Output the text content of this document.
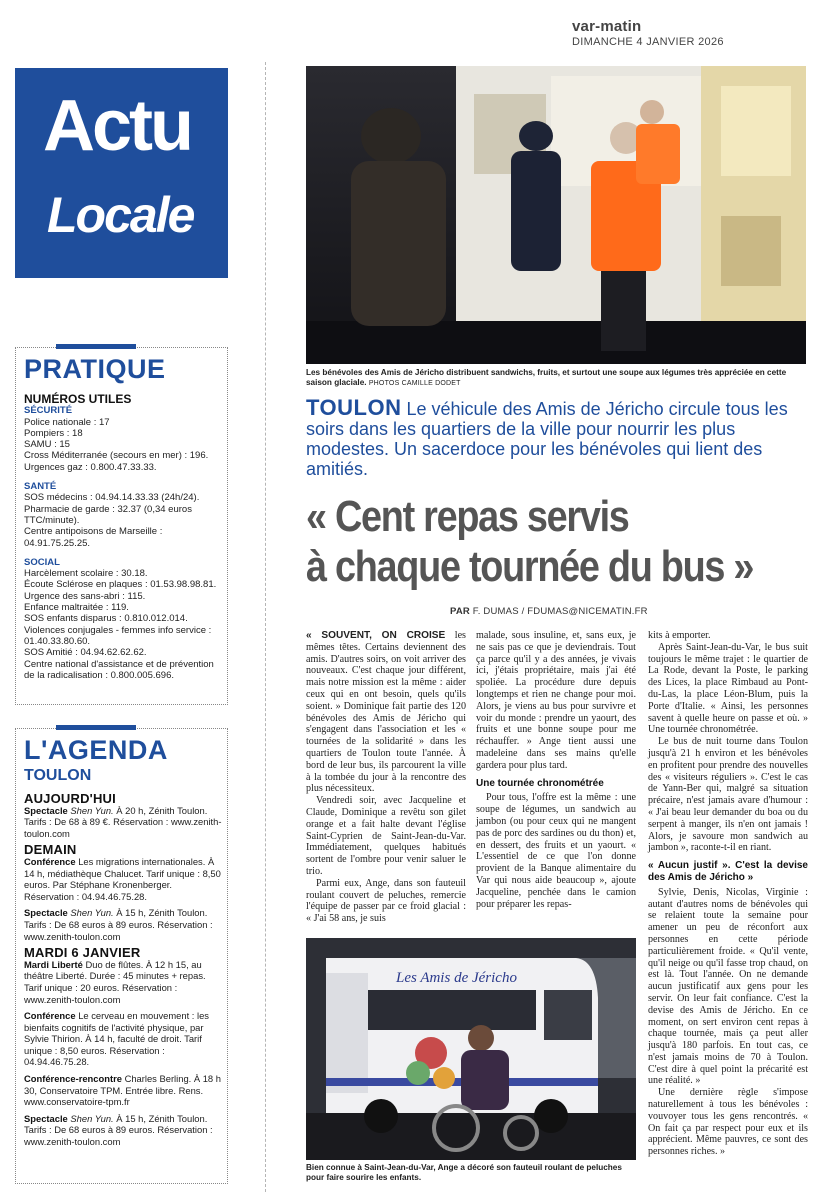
var-matin
DIMANCHE 4 JANVIER 2026
Actu
Locale
PRATIQUE
NUMÉROS UTILES
SÉCURITÉ

Police nationale : 17

Pompiers : 18

SAMU : 15

Cross Méditerranée (secours en mer) : 196.

Urgences gaz : 0.800.47.33.33.

SANTÉ

SOS médecins : 04.94.14.33.33 (24h/24).

Pharmacie de garde : 32.37 (0,34 euros TTC/minute).

Centre antipoisons de Marseille : 04.91.75.25.25.

SOCIAL

Harcèlement scolaire : 30.18.

Écoute Sclérose en plaques : 01.53.98.98.81.

Urgence des sans-abri : 115.

Enfance maltraitée : 119.

SOS enfants disparus : 0.810.012.014.

Violences conjugales - femmes info service : 01.40.33.80.60.

SOS Amitié : 04.94.62.62.62.

Centre national d'assistance et de prévention de la radicalisation : 0.800.005.696.

L'AGENDA
TOULON
AUJOURD'HUI

Spectacle Shen Yun. À 20 h, Zénith Toulon. Tarifs : De 68 à 89 €. Réservation : www.zenith-toulon.com

DEMAIN

Conférence Les migrations internationales. À 14 h, médiathèque Chalucet. Tarif unique : 8,50 euros. Par Stéphane Kronenberger. Réservation : 04.94.46.75.28.

Spectacle Shen Yun. À 15 h, Zénith Toulon. Tarifs : De 68 euros à 89 euros. Réservation : www.zenith-toulon.com

MARDI 6 JANVIER

Mardi Liberté Duo de flûtes. À 12 h 15, au théâtre Liberté. Durée : 45 minutes + repas. Tarif unique : 20 euros. Réservation : www.zenith-toulon.com

Conférence Le cerveau en mouvement : les bienfaits cognitifs de l'activité physique, par Sylvie Thirion. À 14 h, faculté de droit. Tarif unique : 8,50 euros. Réservation : 04.94.46.75.28.

Conférence-rencontre Charles Berling. À 18 h 30, Conservatoire TPM. Entrée libre. Rens. www.conservatoire-tpm.fr

Spectacle Shen Yun. À 15 h, Zénith Toulon. Tarifs : De 68 euros à 89 euros. Réservation : www.zenith-toulon.com

Les bénévoles des Amis de Jéricho distribuent sandwichs, fruits, et surtout une soupe aux légumes très appréciée en cette saison glaciale. PHOTOS CAMILLE DODET
TOULON Le véhicule des Amis de Jéricho circule tous les soirs dans les quartiers de la ville pour nourrir les plus modestes. Un sacerdoce pour les bénévoles qui lient des amitiés.
« Cent repas servis
à chaque tournée du bus »
PAR F. DUMAS / FDUMAS@NICEMATIN.FR

« SOUVENT, ON CROISE les mêmes têtes. Certains deviennent des amis. D'autres soirs, on voit arriver des nouveaux. C'est chaque jour différent, mais notre mission est la même : aider ceux qui en ont besoin, quels qu'ils soient. » Dominique fait partie des 120 bénévoles des Amis de Jéricho qui s'engagent dans l'association et les « tournées de la solidarité » dans les quartiers de Toulon toute l'année. À bord de leur bus, ils parcourent la ville à la tombée du jour à la rencontre des plus nécessiteux.

Vendredi soir, avec Jacqueline et Claude, Dominique a revêtu son gilet orange et a fait halte devant l'église Saint-Cyprien de Saint-Jean-du-Var. Immédiatement, quelques habitués sortent de l'ombre pour venir saluer le trio.

Parmi eux, Ange, dans son fauteuil roulant couvert de peluches, remercie l'équipe de passer par ce froid glacial : « J'ai 58 ans, je suis

malade, sous insuline, et, sans eux, je ne sais pas ce que je deviendrais. Tout ça parce qu'il y a des années, je vivais ici, j'étais propriétaire, mais j'ai été spoliée. La procédure dure depuis longtemps et rien ne change pour moi. Alors, je viens au bus pour survivre et voir du monde : prendre un yaourt, des fruits et une bonne soupe pour me réchauffer. » Ange tient aussi une madeleine dans ses mains qu'elle gardera pour plus tard.

Une tournée chronométrée

Pour tous, l'offre est la même : une soupe de légumes, un sandwich au jambon (ou pour ceux qui ne mangent pas de porc des sardines ou du thon) et, en dessert, des fruits et un yaourt. « L'essentiel de ce que l'on donne provient de la Banque alimentaire du Var qui nous aide beaucoup », ajoute Jacqueline, penchée dans le camion pour préparer les repas-

kits à emporter.

Après Saint-Jean-du-Var, le bus suit toujours le même trajet : le quartier de La Rode, devant la Poste, le parking des Lices, la place Rimbaud au Pont-du-Las, la place Léon-Blum, puis la Porte d'Italie. « Ainsi, les personnes savent à quelle heure on passe et où. » Une tournée chronométrée.

Le bus de nuit tourne dans Toulon jusqu'à 21 h environ et les bénévoles en profitent pour prendre des nouvelles des « visiteurs réguliers ». C'est le cas de Yann-Ber qui, malgré sa situation précaire, n'est jamais avare d'humour : « J'ai beau leur demander du boa ou du serpent à manger, ils n'en ont jamais ! Alors, je savoure mon sandwich au jambon », raconte-t-il en riant.

« Aucun justif ». C'est la devise des Amis de Jéricho »

Sylvie, Denis, Nicolas, Virginie : autant d'autres noms de bénévoles qui se relaient toute la semaine pour amener un peu de réconfort aux personnes en cette période particulièrement froide. « Qu'il vente, qu'il neige ou qu'il fasse trop chaud, on est là. Tout l'année. On ne demande aucun justificatif aux gens pour les servir. On leur fait confiance. C'est la devise des Amis de Jéricho. En ce moment, on sert environ cent repas à chaque tournée, mais ça peut aller jusqu'à 180 parfois. En tout cas, ce n'est jamais moins de 70 à Toulon. C'est dire à quel point la précarité est une réalité. »

Une dernière règle s'impose naturellement à tous les bénévoles : vouvoyer tous les gens rencontrés. « On fait ça par respect pour eux et ils apprécient. Même pauvres, ce sont des personnes riches. »

Les Amis de Jéricho
Bien connue à Saint-Jean-du-Var, Ange a décoré son fauteuil roulant de peluches pour faire sourire les enfants.
